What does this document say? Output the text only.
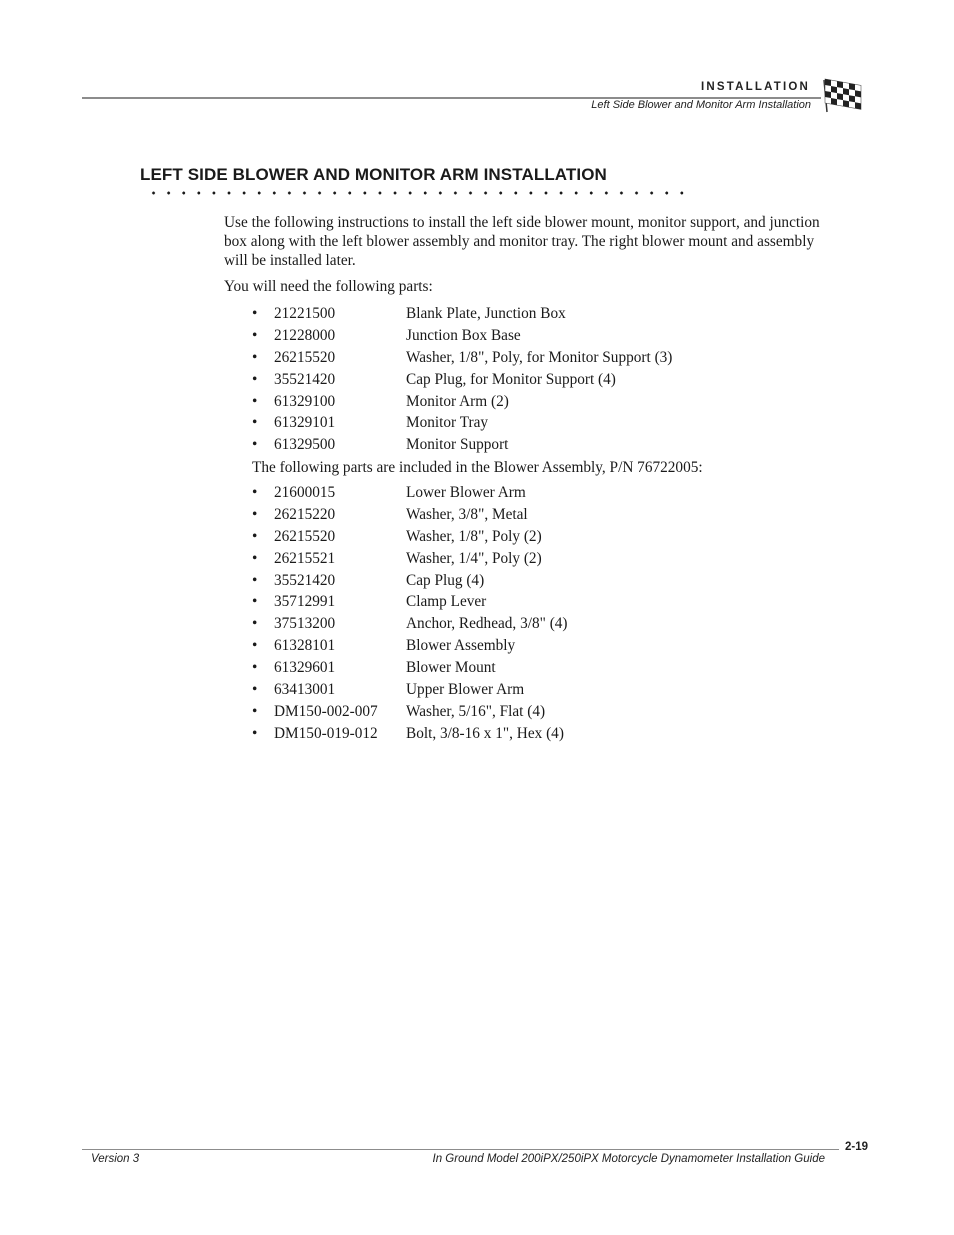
INSTALLATION
Left Side Blower and Monitor Arm Installation
LEFT SIDE BLOWER AND MONITOR ARM INSTALLATION

Use the following instructions to install the left side blower mount, monitor support, and junction box along with the left blower assembly and monitor tray. The right blower mount and assembly will be installed later.

You will need the following parts:

•	21221500	Blank Plate, Junction Box
•	21228000	Junction Box Base
•	26215520	Washer, 1/8", Poly, for Monitor Support (3)
•	35521420	Cap Plug, for Monitor Support (4)
•	61329100	Monitor Arm (2)
•	61329101	Monitor Tray
•	61329500	Monitor Support

The following parts are included in the Blower Assembly, P/N 76722005:

•	21600015	Lower Blower Arm
•	26215220	Washer, 3/8", Metal
•	26215520	Washer, 1/8", Poly (2)
•	26215521	Washer, 1/4", Poly (2)
•	35521420	Cap Plug (4)
•	35712991	Clamp Lever
•	37513200	Anchor, Redhead, 3/8" (4)
•	61328101	Blower Assembly
•	61329601	Blower Mount
•	63413001	Upper Blower Arm
•	DM150-002-007 Washer, 5/16", Flat (4)
•	DM150-019-012 Bolt, 3/8-16 x 1", Hex (4)
2-19
Version 3	In Ground Model 200iPX/250iPX Motorcycle Dynamometer Installation Guide
